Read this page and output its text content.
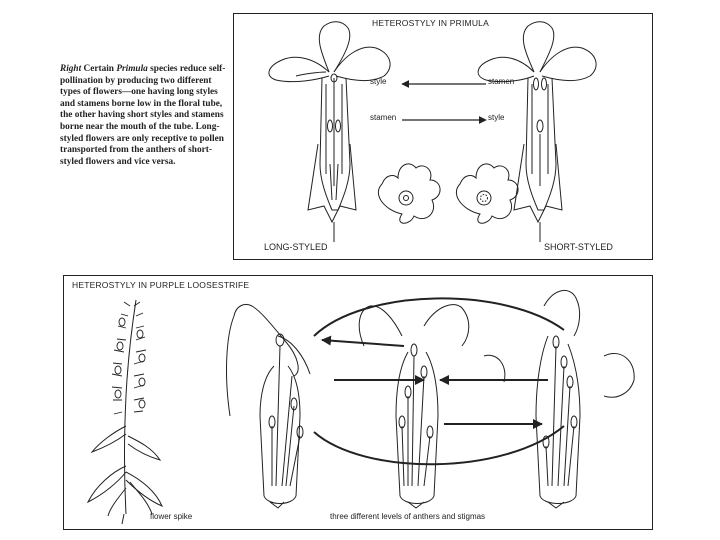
Right Certain Primula species reduce self-pollination by producing two different types of flowers—one having long styles and stamens borne low in the floral tube, the other having short styles and stamens borne near the mouth of the tube. Long-styled flowers are only receptive to pollen transported from the anthers of short-styled flowers and vice versa.
HETEROSTYLY IN PRIMULA
style
stamen
stamen
style
LONG-STYLED	SHORT-STYLED
HETEROSTYLY IN PURPLE LOOSESTRIFE
flower spike	three different levels of anthers and stigmas
